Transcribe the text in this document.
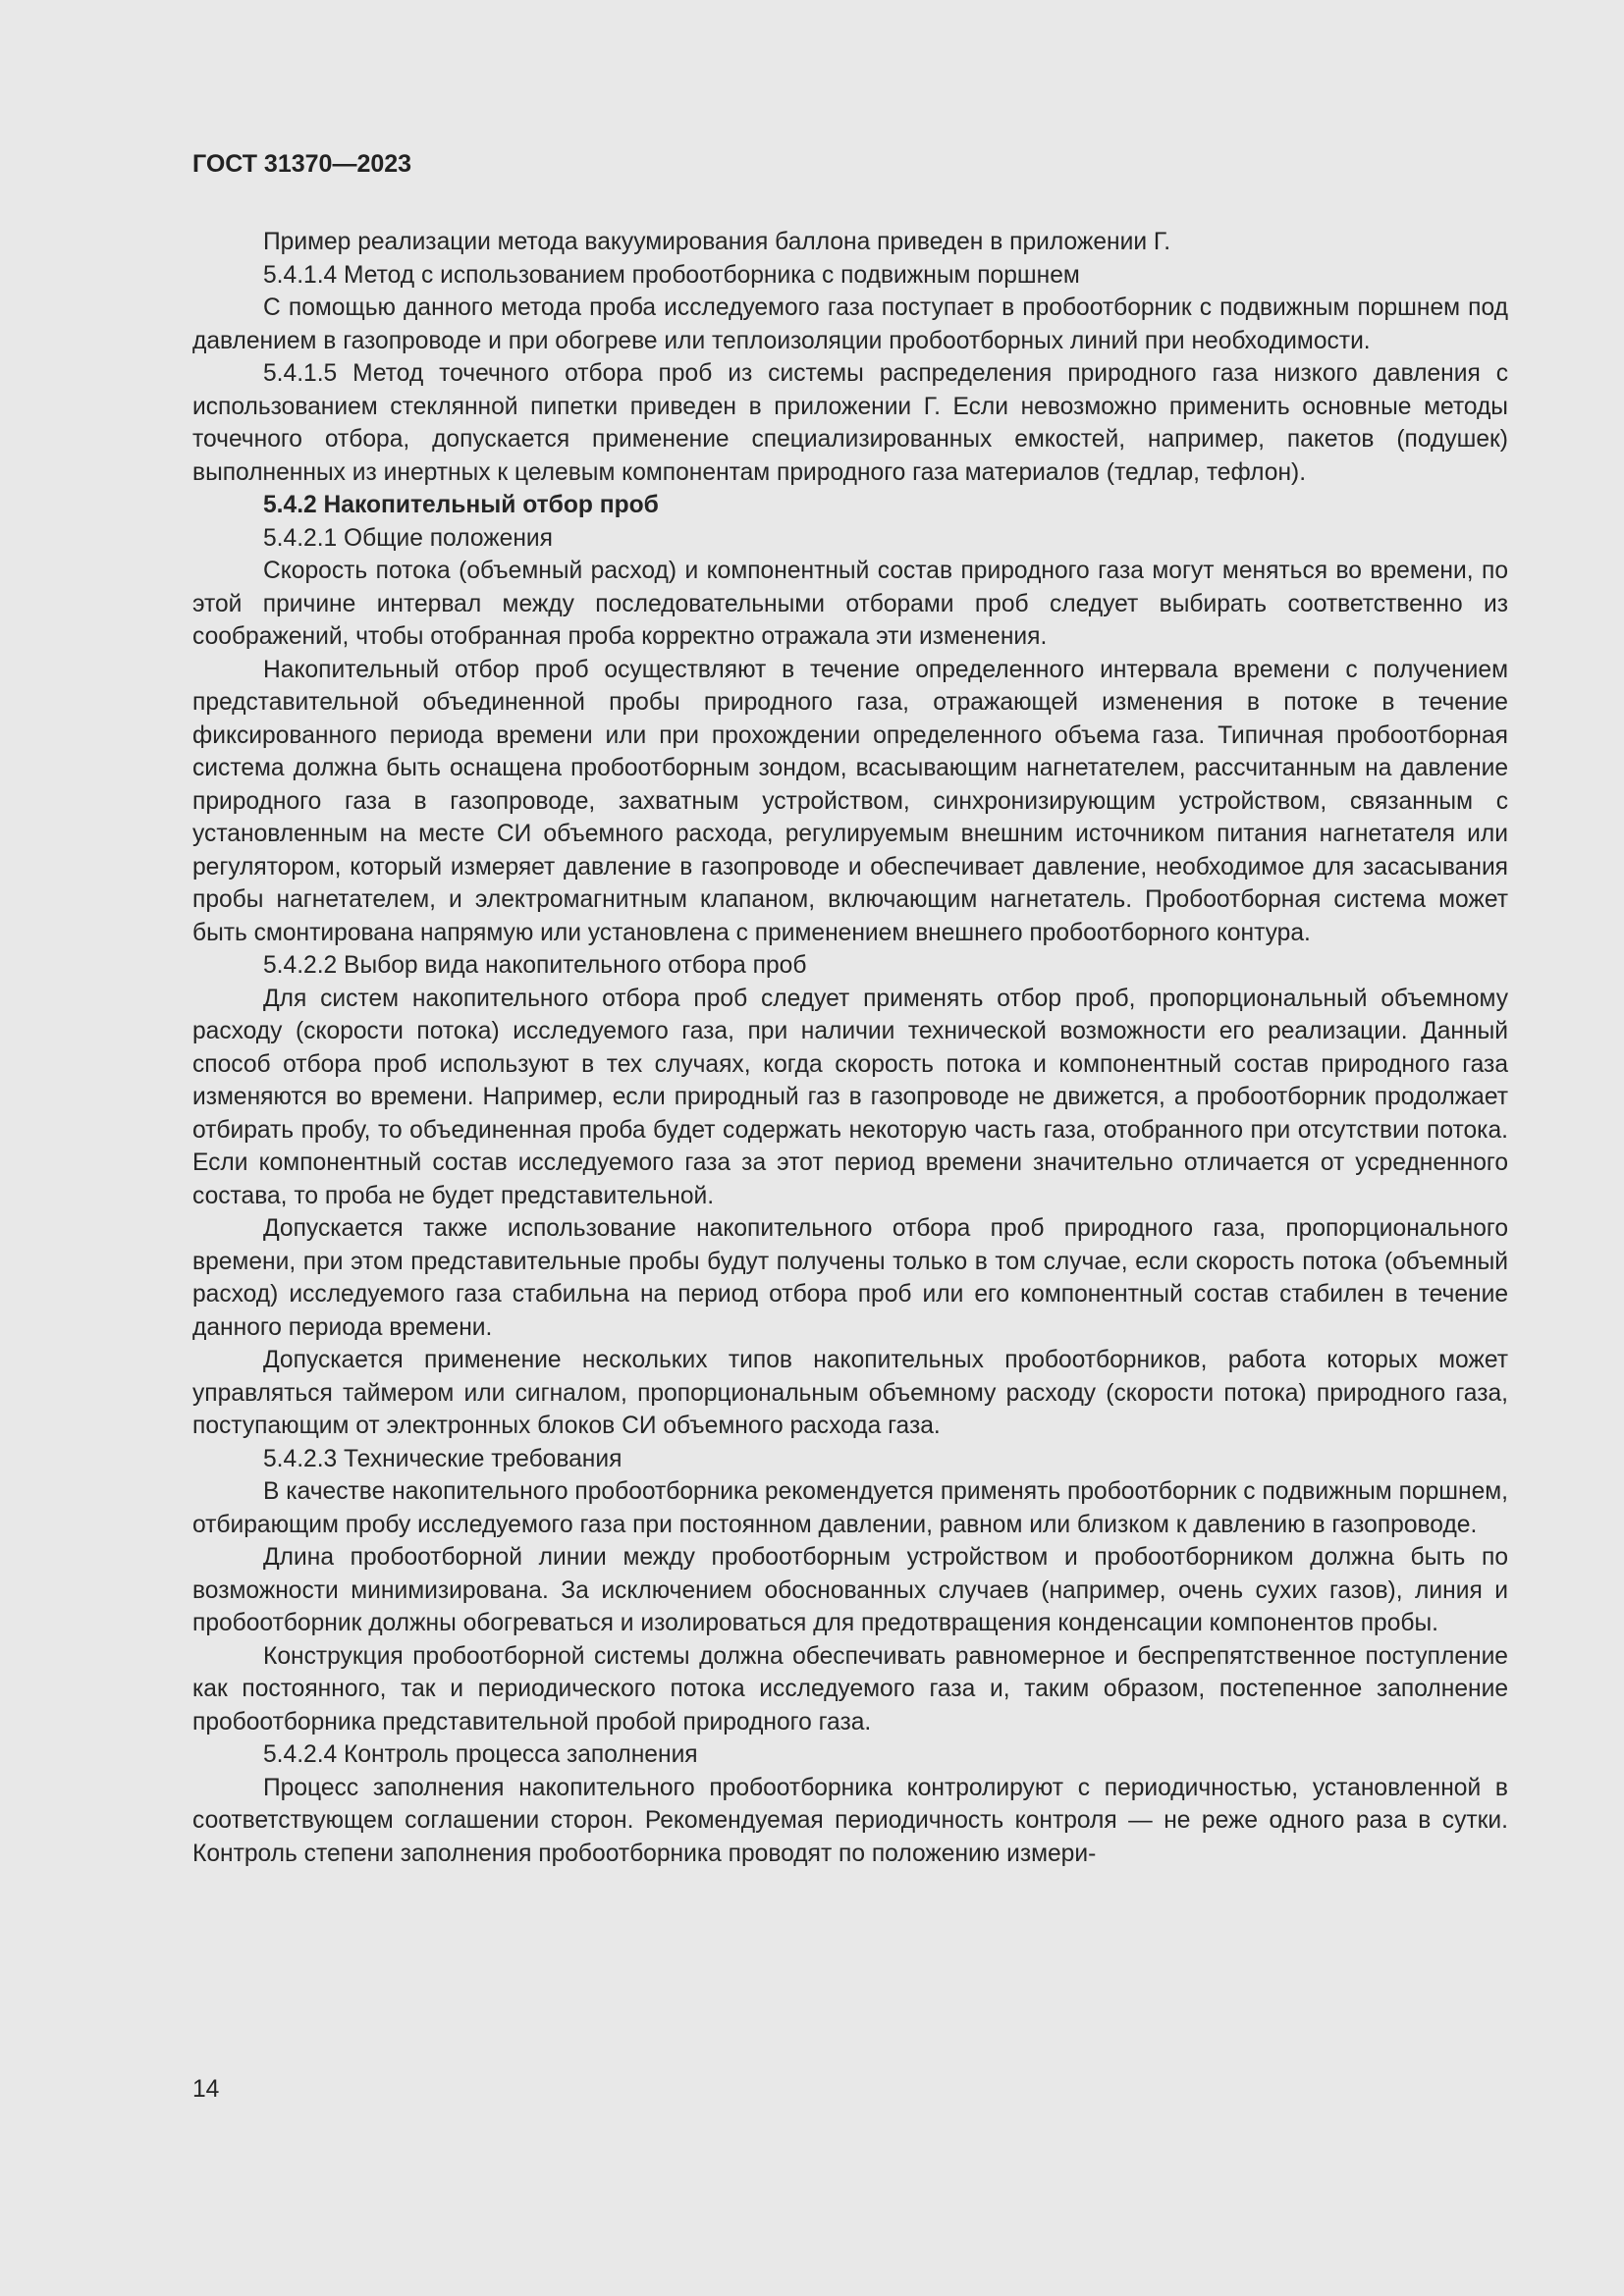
ГОСТ 31370—2023

Пример реализации метода вакуумирования баллона приведен в приложении Г.

5.4.1.4 Метод с использованием пробоотборника с подвижным поршнем

С помощью данного метода проба исследуемого газа поступает в пробоотборник с подвижным поршнем под давлением в газопроводе и при обогреве или теплоизоляции пробоотборных линий при необходимости.

5.4.1.5 Метод точечного отбора проб из системы распределения природного газа низкого давления с использованием стеклянной пипетки приведен в приложении Г. Если невозможно применить основные методы точечного отбора, допускается применение специализированных емкостей, например, пакетов (подушек) выполненных из инертных к целевым компонентам природного газа материалов (тедлар, тефлон).

5.4.2 Накопительный отбор проб

5.4.2.1 Общие положения

Скорость потока (объемный расход) и компонентный состав природного газа могут меняться во времени, по этой причине интервал между последовательными отборами проб следует выбирать соответственно из соображений, чтобы отобранная проба корректно отражала эти изменения.

Накопительный отбор проб осуществляют в течение определенного интервала времени с получением представительной объединенной пробы природного газа, отражающей изменения в потоке в течение фиксированного периода времени или при прохождении определенного объема газа. Типичная пробоотборная система должна быть оснащена пробоотборным зондом, всасывающим нагнетателем, рассчитанным на давление природного газа в газопроводе, захватным устройством, синхронизирующим устройством, связанным с установленным на месте СИ объемного расхода, регулируемым внешним источником питания нагнетателя или регулятором, который измеряет давление в газопроводе и обеспечивает давление, необходимое для засасывания пробы нагнетателем, и электромагнитным клапаном, включающим нагнетатель. Пробоотборная система может быть смонтирована напрямую или установлена с применением внешнего пробоотборного контура.

5.4.2.2 Выбор вида накопительного отбора проб

Для систем накопительного отбора проб следует применять отбор проб, пропорциональный объемному расходу (скорости потока) исследуемого газа, при наличии технической возможности его реализации. Данный способ отбора проб используют в тех случаях, когда скорость потока и компонентный состав природного газа изменяются во времени. Например, если природный газ в газопроводе не движется, а пробоотборник продолжает отбирать пробу, то объединенная проба будет содержать некоторую часть газа, отобранного при отсутствии потока. Если компонентный состав исследуемого газа за этот период времени значительно отличается от усредненного состава, то проба не будет представительной.

Допускается также использование накопительного отбора проб природного газа, пропорционального времени, при этом представительные пробы будут получены только в том случае, если скорость потока (объемный расход) исследуемого газа стабильна на период отбора проб или его компонентный состав стабилен в течение данного периода времени.

Допускается применение нескольких типов накопительных пробоотборников, работа которых может управляться таймером или сигналом, пропорциональным объемному расходу (скорости потока) природного газа, поступающим от электронных блоков СИ объемного расхода газа.

5.4.2.3 Технические требования

В качестве накопительного пробоотборника рекомендуется применять пробоотборник с подвижным поршнем, отбирающим пробу исследуемого газа при постоянном давлении, равном или близком к давлению в газопроводе.

Длина пробоотборной линии между пробоотборным устройством и пробоотборником должна быть по возможности минимизирована. За исключением обоснованных случаев (например, очень сухих газов), линия и пробоотборник должны обогреваться и изолироваться для предотвращения конденсации компонентов пробы.

Конструкция пробоотборной системы должна обеспечивать равномерное и беспрепятственное поступление как постоянного, так и периодического потока исследуемого газа и, таким образом, постепенное заполнение пробоотборника представительной пробой природного газа.

5.4.2.4 Контроль процесса заполнения

Процесс заполнения накопительного пробоотборника контролируют с периодичностью, установленной в соответствующем соглашении сторон. Рекомендуемая периодичность контроля — не реже одного раза в сутки. Контроль степени заполнения пробоотборника проводят по положению измери-

14
